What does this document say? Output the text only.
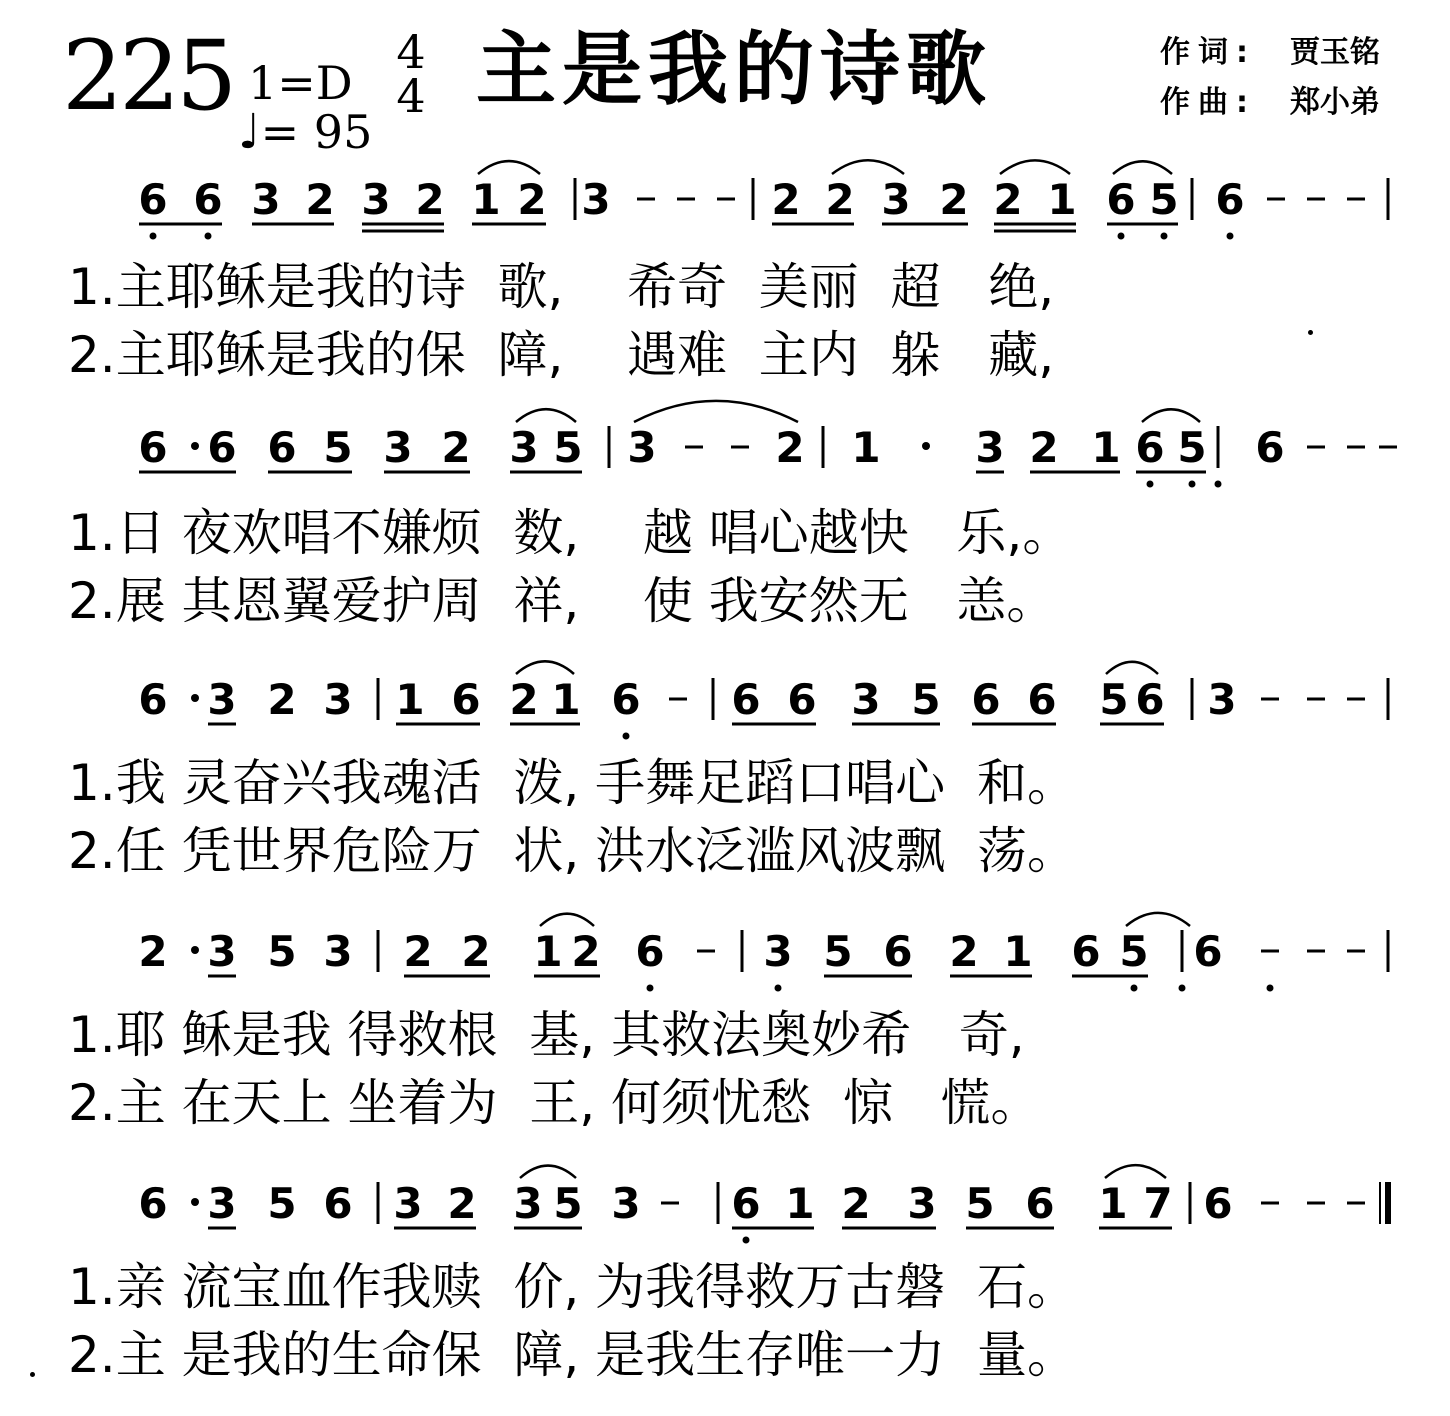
225 1=D
♩= 95
4
4 主是我的诗歌	作词: 贾玉铭
作曲: 郑小弟
6 6 3 2 3 2 1 2 3	2 2 3 2 2 1 6 5 6
6 6 6 5 3 2 3 5 3	2 1 3 2 1 6 5 6
6 3 2 3 1 6 2 1 6 6 6 3 5 6 6 5 6 3
2 3 5 3 2 2 1 2 6 3 5 6 2 1 6 5 6
6 3 5 6 3 2 3 5 3 6 1 2 3 5 6 1 7 6
1.主耶稣是我的诗  歌,    希奇  美丽  超   绝,
2.主耶稣是我的保  障,    遇难  主内  躲   藏,
1.日 夜欢唱不嫌烦  数,    越 唱心越快   乐,。
2.展 其恩翼爱护周  祥,    使 我安然无   恙。
1.我 灵奋兴我魂活  泼, 手舞足蹈口唱心  和。
2.任 凭世界危险万  状, 洪水泛滥风波飘  荡。
1.耶 稣是我 得救根  基, 其救法奥妙希   奇,
2.主 在天上 坐着为  王, 何须忧愁  惊   慌。
1.亲 流宝血作我赎  价, 为我得救万古磐  石。
2.主 是我的生命保  障, 是我生存唯一力  量。
